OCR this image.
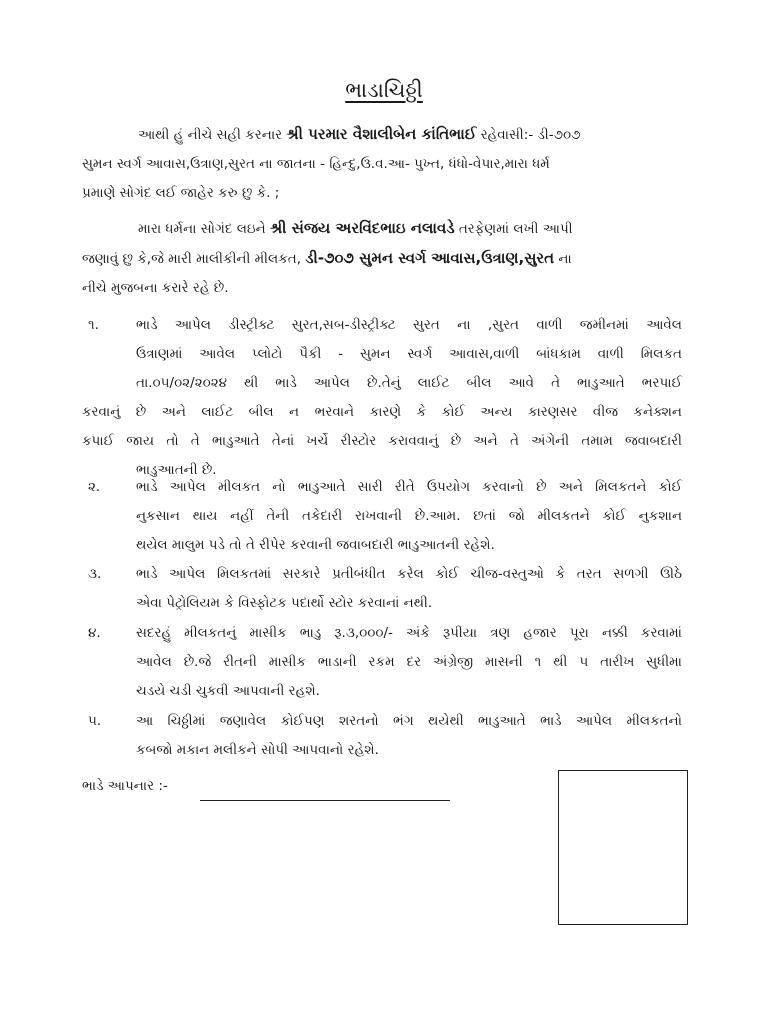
ભાડાચિઠ્ઠી
આથી હું નીચે સહી કરનાર શ્રી પરમાર વૈશાલીબેન કાંતિભાઈ રહેવાસી:- ડી-૭૦૭
સુમન સ્વર્ગ આવાસ,ઉત્રાણ,સુરત ના જાતના - હિન્દુ,ઉ.વ.આ- પુખ્ત, ધંધો-વેપાર,મારા ધર્મ
પ્રમાણે સોગંદ લઈ જાહેર કરુ છુ કે. ;
મારા ધર્મના સોગંદ લઇને શ્રી સંજય અરવિંદભાઇ નલાવડે તરફેણમાં લખી આપી
જણાવું છુ કે,જે મારી માલીકીની મીલકત, ડી-૭૦૭ સુમન સ્વર્ગ આવાસ,ઉત્રાણ,સુરત ના
નીચે મુજબના કરારે રહે છે.
૧.	ભાડે આપેલ ડીસ્ટ્રીક્ટ સુરત,સબ-ડીસ્ટ્રીક્ટ સુરત ના ,સુરત વાળી જમીનમાં આવેલ
ઉત્રાણમાં આવેલ પ્લોટો પૈકી - સુમન સ્વર્ગ આવાસ,વાળી બાંધકામ વાળી મિલકત
તા.૦૫/૦૨/૨૦૨૪ થી ભાડે આપેલ છે.તેનું લાઈટ બીલ આવે તે ભાડુઆતે ભરપાઈ
કરવાનું છે અને લાઈટ બીલ ન ભરવાને કારણે કે કોઈ અન્ય કારણસર વીજ કનેક્શન
કપાઈ જાય તો તે ભાડુઆતે તેનાં ખર્ચે રીસ્ટોર કરાવવાનું છે અને તે અંગેની તમામ જવાબદારી
ભાડુઆતની છે.
૨.	ભાડે આપેલ મીલકત નો ભાડુઆતે સારી રીતે ઉપયોગ કરવાનો છે અને મિલકતને કોઈ
નુકસાન થાય નહીં તેની તકેદારી રાખવાની છે.આમ. છતાં જો મીલકતને કોઈ નુકશાન
થયેલ માલુમ પડે તો તે રીપેર કરવાની જવાબદારી ભાડુઆતની રહેશે.
૩.	ભાડે આપેલ મિલકતમાં સરકારે પ્રતીબંધીત કરેલ કોઈ ચીજ-વસ્તુઓ કે તરત સળગી ઊઠે
એવા પેટ્રોલિયમ કે વિસ્ફોટક પદાર્થો સ્ટોર કરવાનાં નથી.
૪.	સદરહું મીલકતનું માસીક ભાડુ રૂ.૩,૦૦૦/- અંકે રૂપીયા ત્રણ હજાર પૂરા નક્કી કરવામાં
આવેલ છે.જે રીતની માસીક ભાડાની રકમ દર અંગ્રેજી માસની ૧ થી ૫ તારીખ સુધીમા
ચડયે ચડી ચુકવી આપવાની રહશે.
૫.	આ ચિઠ્ઠીમાં જણાવેલ કોઈપણ શરતનો ભંગ થયેથી ભાડુઆતે ભાડે આપેલ મીલકતનો
કબજો મકાન મલીકને સોપી આપવાનો રહેશે.
ભાડે આપનાર :-
